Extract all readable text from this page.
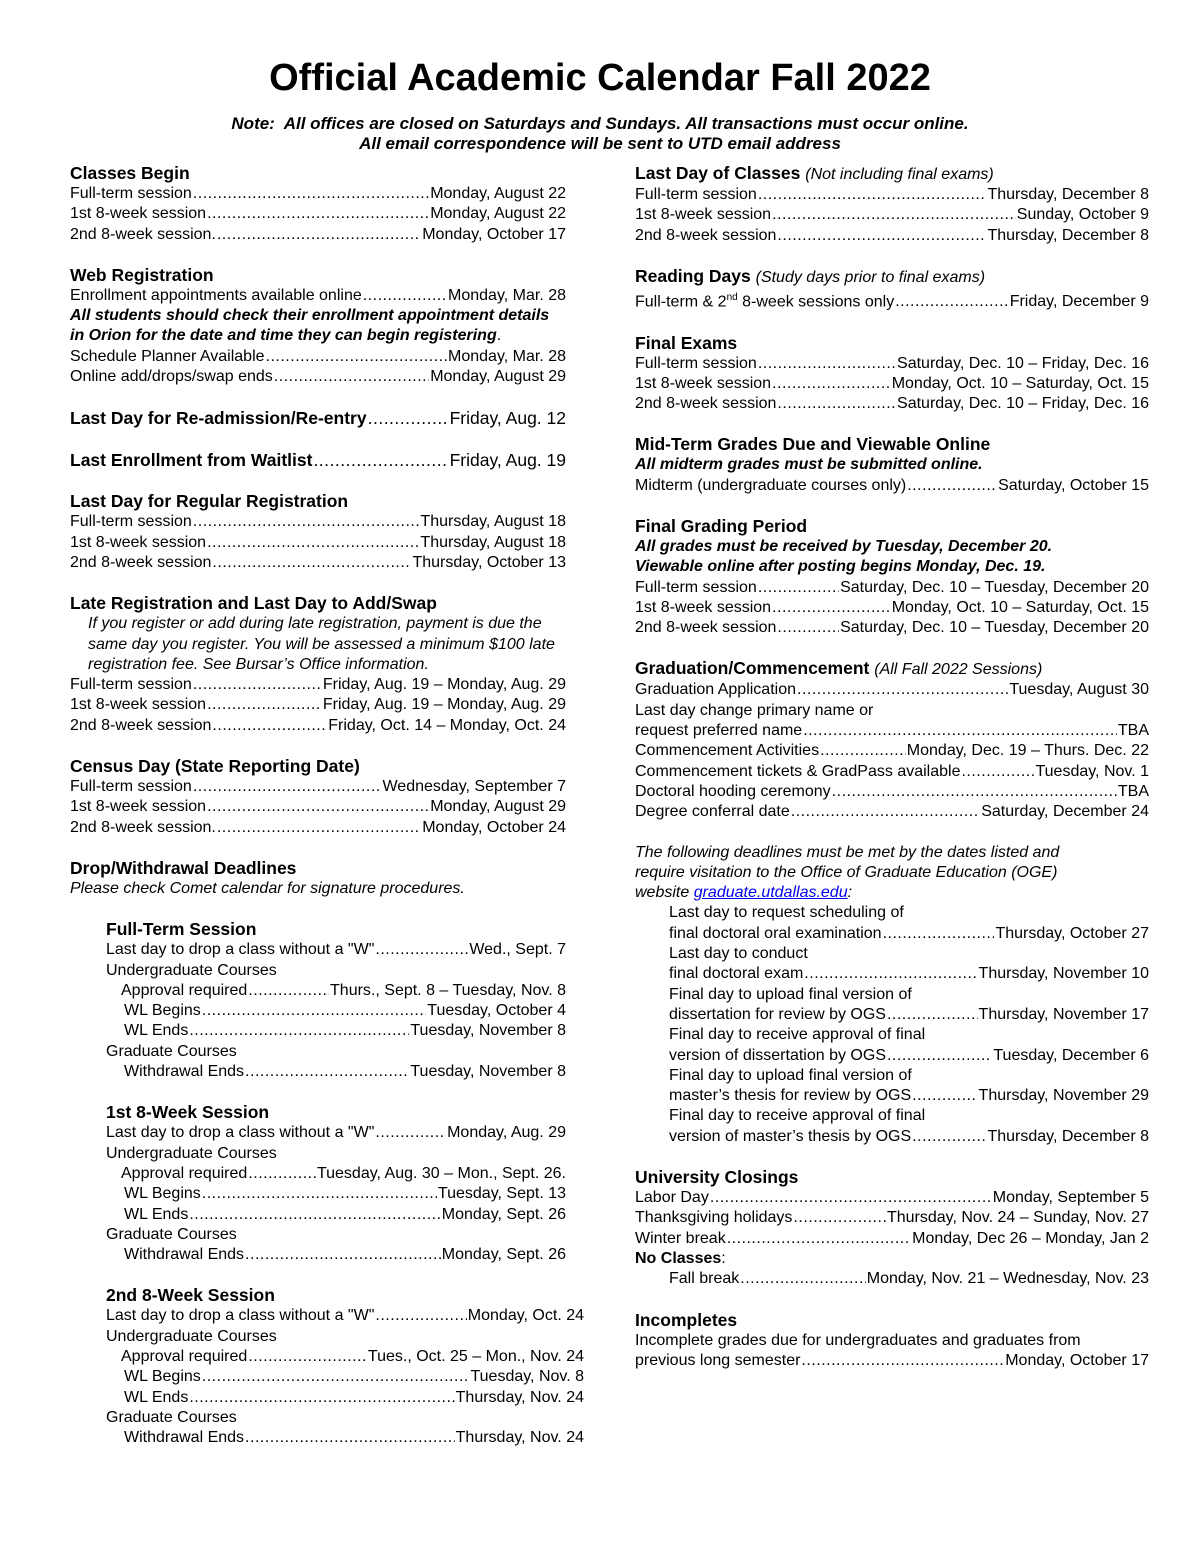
Official Academic Calendar Fall 2022
Note: All offices are closed on Saturdays and Sundays. All transactions must occur online.
All email correspondence will be sent to UTD email address
Classes Begin
Full-term session .....	Monday, August 22
1st 8-week session .....	Monday, August 22
2nd 8-week session. .....	Monday, October 17
Web Registration
Enrollment appointments available online .....	Monday, Mar. 28
All students should check their enrollment appointment details in Orion for the date and time they can begin registering.
Schedule Planner Available .....	Monday, Mar. 28
Online add/drops/swap ends .....	Monday, August 29
Last Day for Re-admission/Re-entry .....	Friday, Aug. 12
Last Enrollment from Waitlist .....	Friday, Aug. 19
Last Day for Regular Registration
Full-term session .....	Thursday, August 18
1st 8-week session .....	Thursday, August 18
2nd 8-week session .....	Thursday, October 13
Late Registration and Last Day to Add/Swap
If you register or add during late registration, payment is due the same day you register. You will be assessed a minimum $100 late registration fee. See Bursar’s Office information.
Full-term session .....	Friday, Aug. 19 – Monday, Aug. 29
1st 8-week session .....	Friday, Aug. 19 – Monday, Aug. 29
2nd 8-week session .....	Friday, Oct. 14 – Monday, Oct. 24
Census Day (State Reporting Date)
Full-term session .....	Wednesday, September 7
1st 8-week session .....	Monday, August 29
2nd 8-week session. .....	Monday, October 24
Drop/Withdrawal Deadlines
Please check Comet calendar for signature procedures.
Full-Term Session
Last day to drop a class without a "W" .....	Wed., Sept. 7
Undergraduate Courses
Approval required .....	Thurs., Sept. 8 – Tuesday, Nov. 8
WL Begins .....	Tuesday, October 4
WL Ends .....	Tuesday, November 8
Graduate Courses
Withdrawal Ends .....	Tuesday, November 8
1st 8-Week Session
Last day to drop a class without a "W" .....	Monday, Aug. 29
Undergraduate Courses
Approval required .....	Tuesday, Aug. 30 – Mon., Sept. 26.
WL Begins .....	Tuesday, Sept. 13
WL Ends .....	Monday, Sept. 26
Graduate Courses
Withdrawal Ends .....	Monday, Sept. 26
2nd 8-Week Session
Last day to drop a class without a "W" .....	Monday, Oct. 24
Undergraduate Courses
Approval required .....	Tues., Oct. 25 – Mon., Nov. 24
WL Begins .....	Tuesday, Nov. 8
WL Ends .....	Thursday, Nov. 24
Graduate Courses
Withdrawal Ends .....	Thursday, Nov. 24
Last Day of Classes (Not including final exams)
Full-term session .....	Thursday, December 8
1st 8-week session .....	Sunday, October 9
2nd 8-week session .....	Thursday, December 8
Reading Days (Study days prior to final exams)
Full-term & 2nd 8-week sessions only .....	Friday, December 9
Final Exams
Full-term session .....	Saturday, Dec. 10 – Friday, Dec. 16
1st 8-week session .....	Monday, Oct. 10 – Saturday, Oct. 15
2nd 8-week session .....	Saturday, Dec. 10 – Friday, Dec. 16
Mid-Term Grades Due and Viewable Online
All midterm grades must be submitted online.
Midterm (undergraduate courses only) .....	Saturday, October 15
Final Grading Period
All grades must be received by Tuesday, December 20.
Viewable online after posting begins Monday, Dec. 19.
Full-term session .....	Saturday, Dec. 10 – Tuesday, December 20
1st 8-week session .....	Monday, Oct. 10 – Saturday, Oct. 15
2nd 8-week session .....	Saturday, Dec. 10 – Tuesday, December 20
Graduation/Commencement (All Fall 2022 Sessions)
Graduation Application .....	Tuesday, August 30
Last day change primary name or
request preferred name .....	TBA
Commencement Activities .....	Monday, Dec. 19 – Thurs. Dec. 22
Commencement tickets & GradPass available .....	Tuesday, Nov. 1
Doctoral hooding ceremony .....	TBA
Degree conferral date .....	Saturday, December 24
The following deadlines must be met by the dates listed and
require visitation to the Office of Graduate Education (OGE)
website graduate.utdallas.edu:
Last day to request scheduling of
final doctoral oral examination .....	Thursday, October 27
Last day to conduct
final doctoral exam .....	Thursday, November 10
Final day to upload final version of
dissertation for review by OGS .....	Thursday, November 17
Final day to receive approval of final
version of dissertation by OGS .....	Tuesday, December 6
Final day to upload final version of
master’s thesis for review by OGS .....	Thursday, November 29
Final day to receive approval of final
version of master’s thesis by OGS .....	Thursday, December 8
University Closings
Labor Day .....	Monday, September 5
Thanksgiving holidays .....	Thursday, Nov. 24 – Sunday, Nov. 27
Winter break .....	Monday, Dec 26 – Monday, Jan 2
No Classes:
Fall break .....	Monday, Nov. 21 – Wednesday, Nov. 23
Incompletes
Incomplete grades due for undergraduates and graduates from
previous long semester .....	Monday, October 17
